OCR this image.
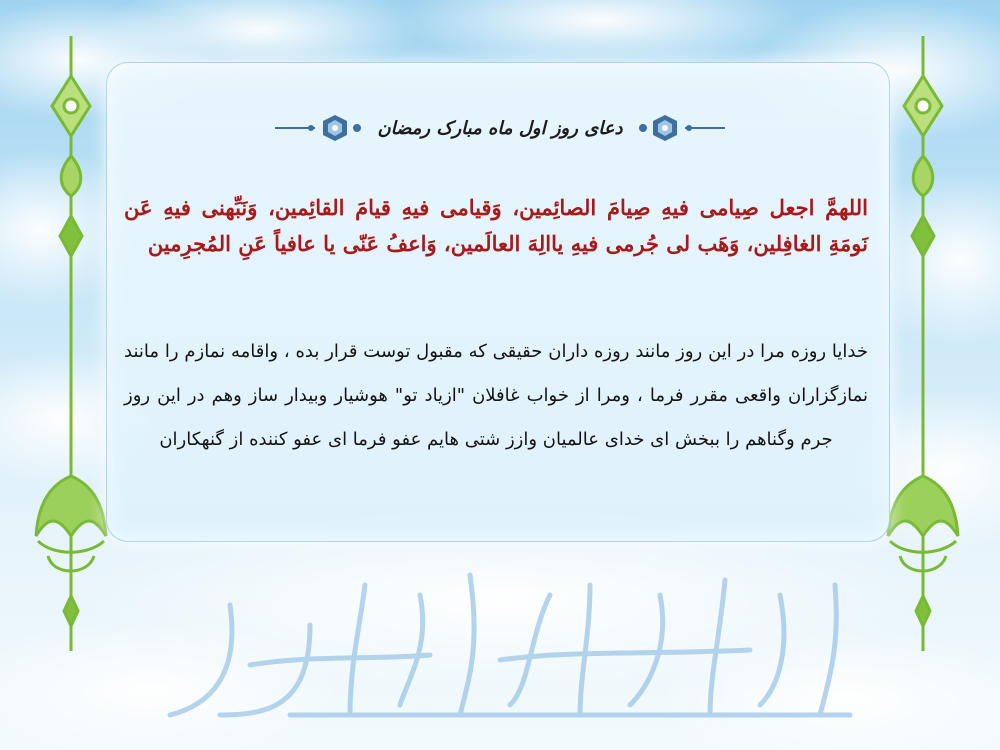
دعای روز اول ماه مبارک رمضان
اللهمَّ اجعل صِیامی فیهِ صِیامَ الصائِمین، وَقیامی فیهِ قیامَ القائِمین، وَنَبِّهنی فیهِ عَن نَومَةِ الغافِلین، وَهَب لی جُرمی فیهِ یاالِهَ العالَمین، وَاعفُ عَنّی یا عافیاً عَنِ المُجرِمین
خدایا روزه مرا در این روز مانند روزه داران حقیقی که مقبول توست قرار بده ، واقامه نمازم را مانند نمازگزاران واقعی مقرر فرما ، ومرا از خواب غافلان "ازیاد تو" هوشیار وبیدار ساز وهم در این روز جرم وگناهم را ببخش ای خدای عالمیان وازز شتی هایم عفو فرما ای عفو کننده از گنهکاران
